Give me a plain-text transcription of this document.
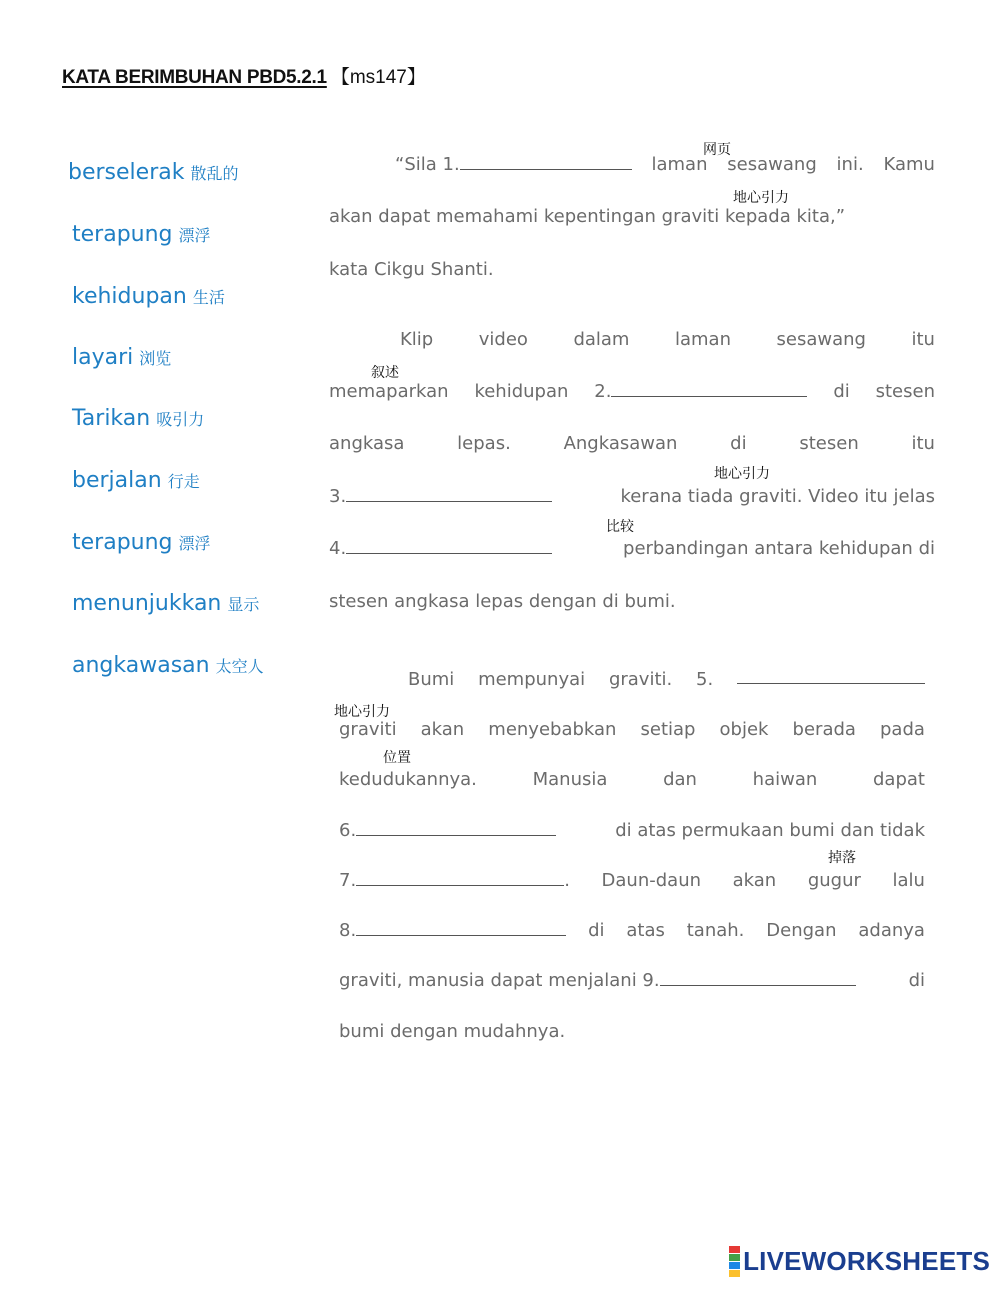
KATA BERIMBUHAN PBD5.2.1 【ms147】
berselerak 散乱的
terapung 漂浮
kehidupan 生活
layari 浏览
Tarikan 吸引力
berjalan 行走
terapung 漂浮
menunjukkan 显示
angkawasan 太空人
网页
地心引力
叙述
地心引力
比较
地心引力
位置
掉落
“Sila 1.	laman sesawang ini. Kamu
akan dapat memahami kepentingan graviti kepada kita,”
kata Cikgu Shanti.
Klip	video	dalam	laman	sesawang	itu
memaparkan kehidupan 2.	di stesen
angkasa	lepas.	Angkasawan	di	stesen	itu
3.	kerana tiada graviti. Video itu jelas
4.	perbandingan antara kehidupan di
stesen angkasa lepas dengan di bumi.
Bumi mempunyai graviti. 5.
graviti akan menyebabkan setiap objek berada pada
kedudukannya.	Manusia	dan	haiwan	dapat
6.	di atas permukaan bumi dan tidak
7.	. Daun-daun akan gugur lalu
8.	di atas tanah. Dengan adanya
graviti, manusia dapat menjalani 9.	di
bumi dengan mudahnya.
LIVEWORKSHEETS
